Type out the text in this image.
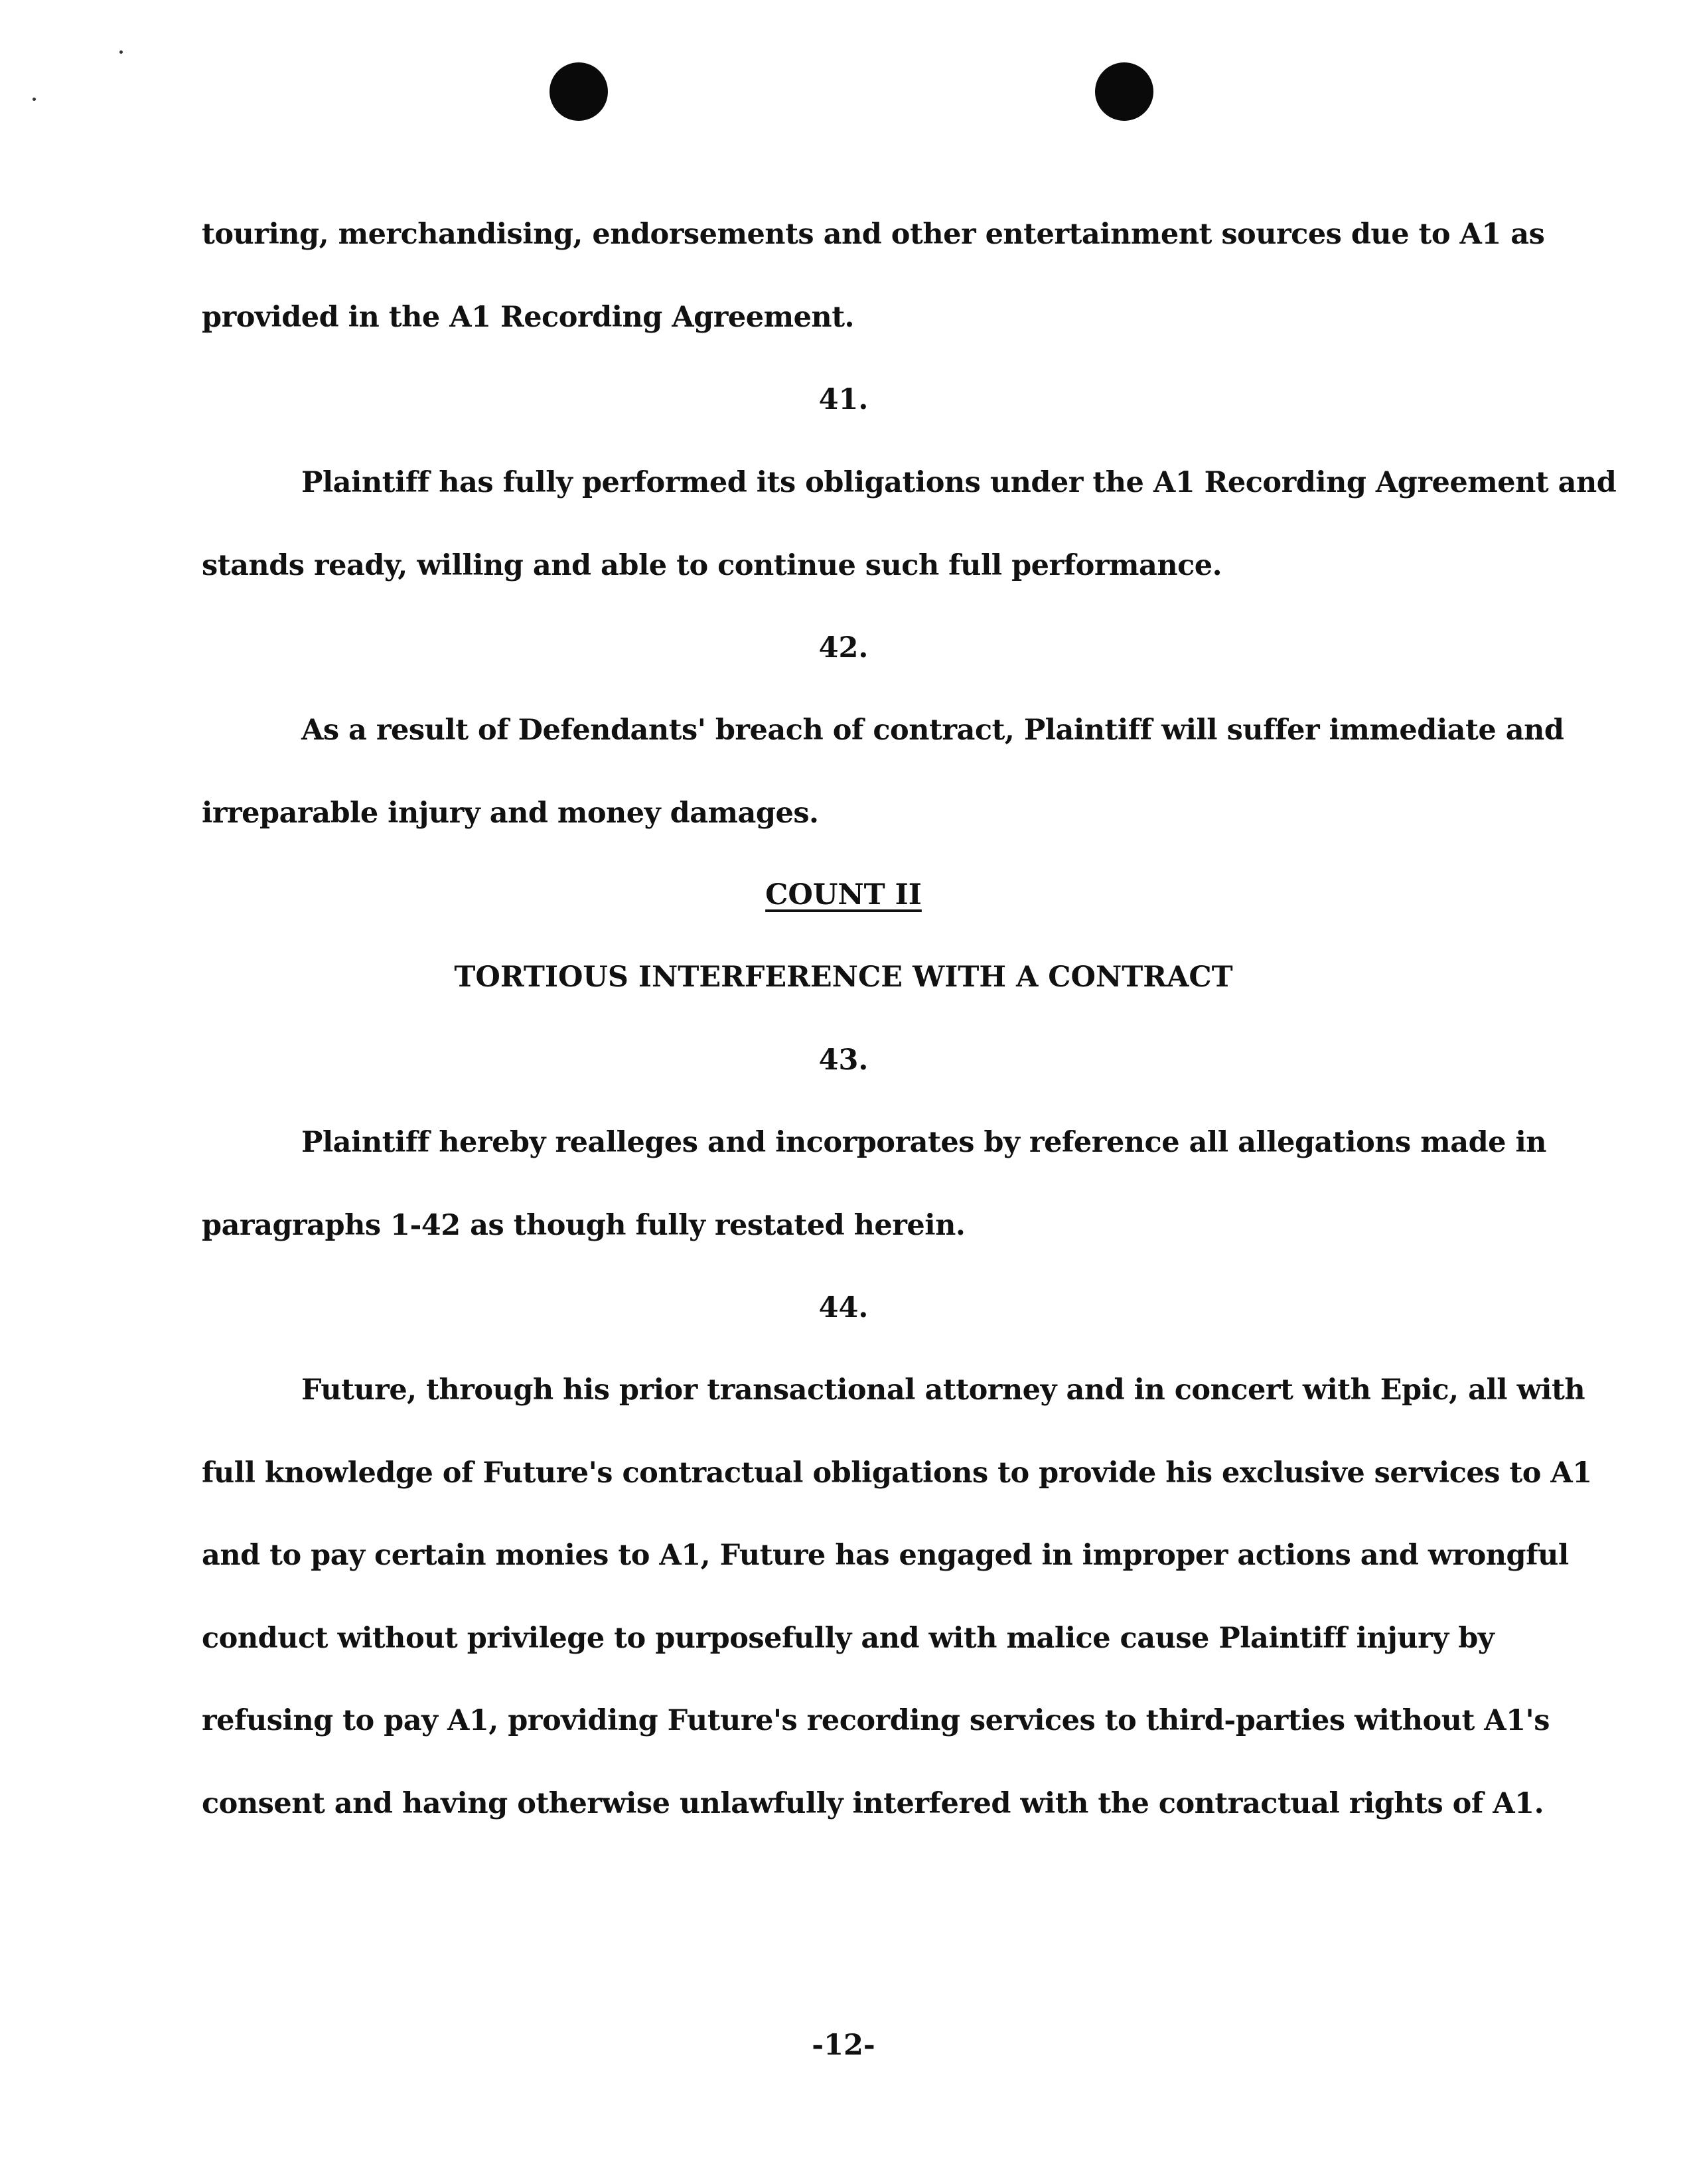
touring, merchandising, endorsements and other entertainment sources due to A1 as
provided in the A1 Recording Agreement.
41.
Plaintiff has fully performed its obligations under the A1 Recording Agreement and
stands ready, willing and able to continue such full performance.
42.
As a result of Defendants' breach of contract, Plaintiff will suffer immediate and
irreparable injury and money damages.
COUNT II
TORTIOUS INTERFERENCE WITH A CONTRACT
43.
Plaintiff hereby realleges and incorporates by reference all allegations made in
paragraphs 1-42 as though fully restated herein.
44.
Future, through his prior transactional attorney and in concert with Epic, all with
full knowledge of Future's contractual obligations to provide his exclusive services to A1
and to pay certain monies to A1, Future has engaged in improper actions and wrongful
conduct without privilege to purposefully and with malice cause Plaintiff injury by
refusing to pay A1, providing Future's recording services to third-parties without A1's
consent and having otherwise unlawfully interfered with the contractual rights of A1.
-12-
